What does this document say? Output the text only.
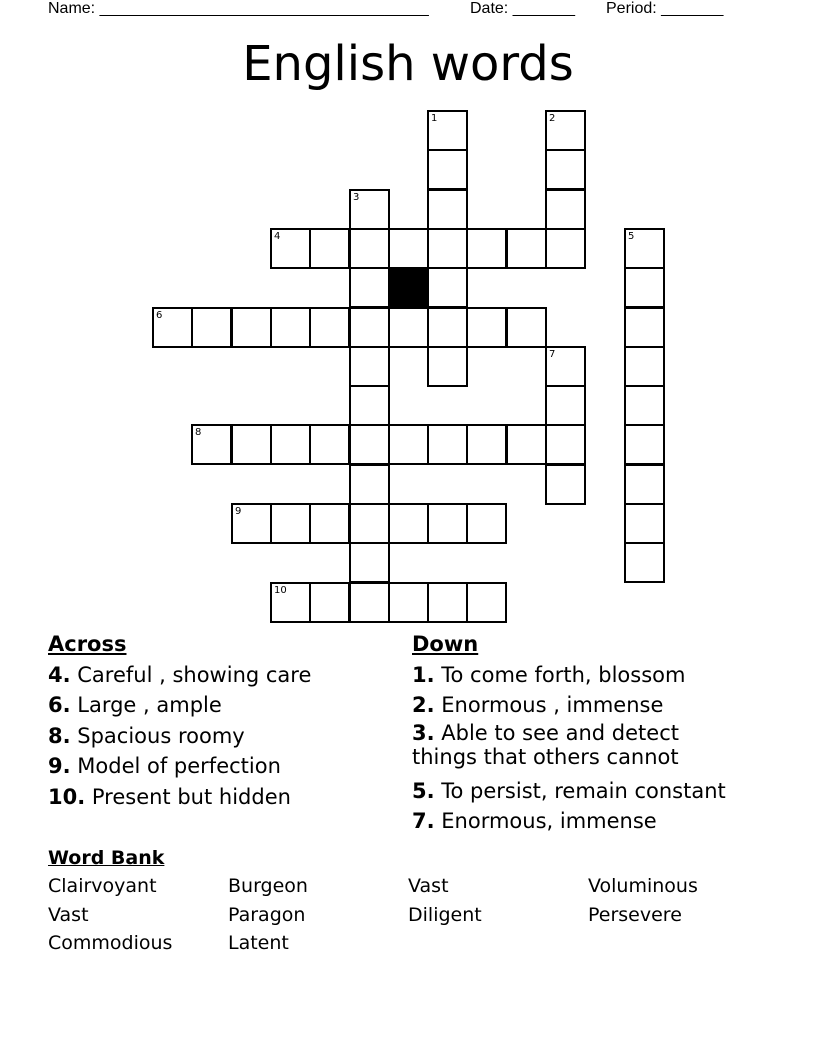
Name: _____________________________________

	Date: _______

Period: _______

English words
1	2
3
4	5
6
7
8
9
10
Across
4. Careful , showing care
6. Large , ample
8. Spacious roomy
9. Model of perfection
10. Present but hidden
Down
1. To come forth, blossom
2. Enormous , immense
3. Able to see and detect things that others cannot
5. To persist, remain constant
7. Enormous, immense
Word Bank
Clairvoyant	Burgeon	Vast	Voluminous
Vast	Paragon	Diligent	Persevere
Commodious	Latent
